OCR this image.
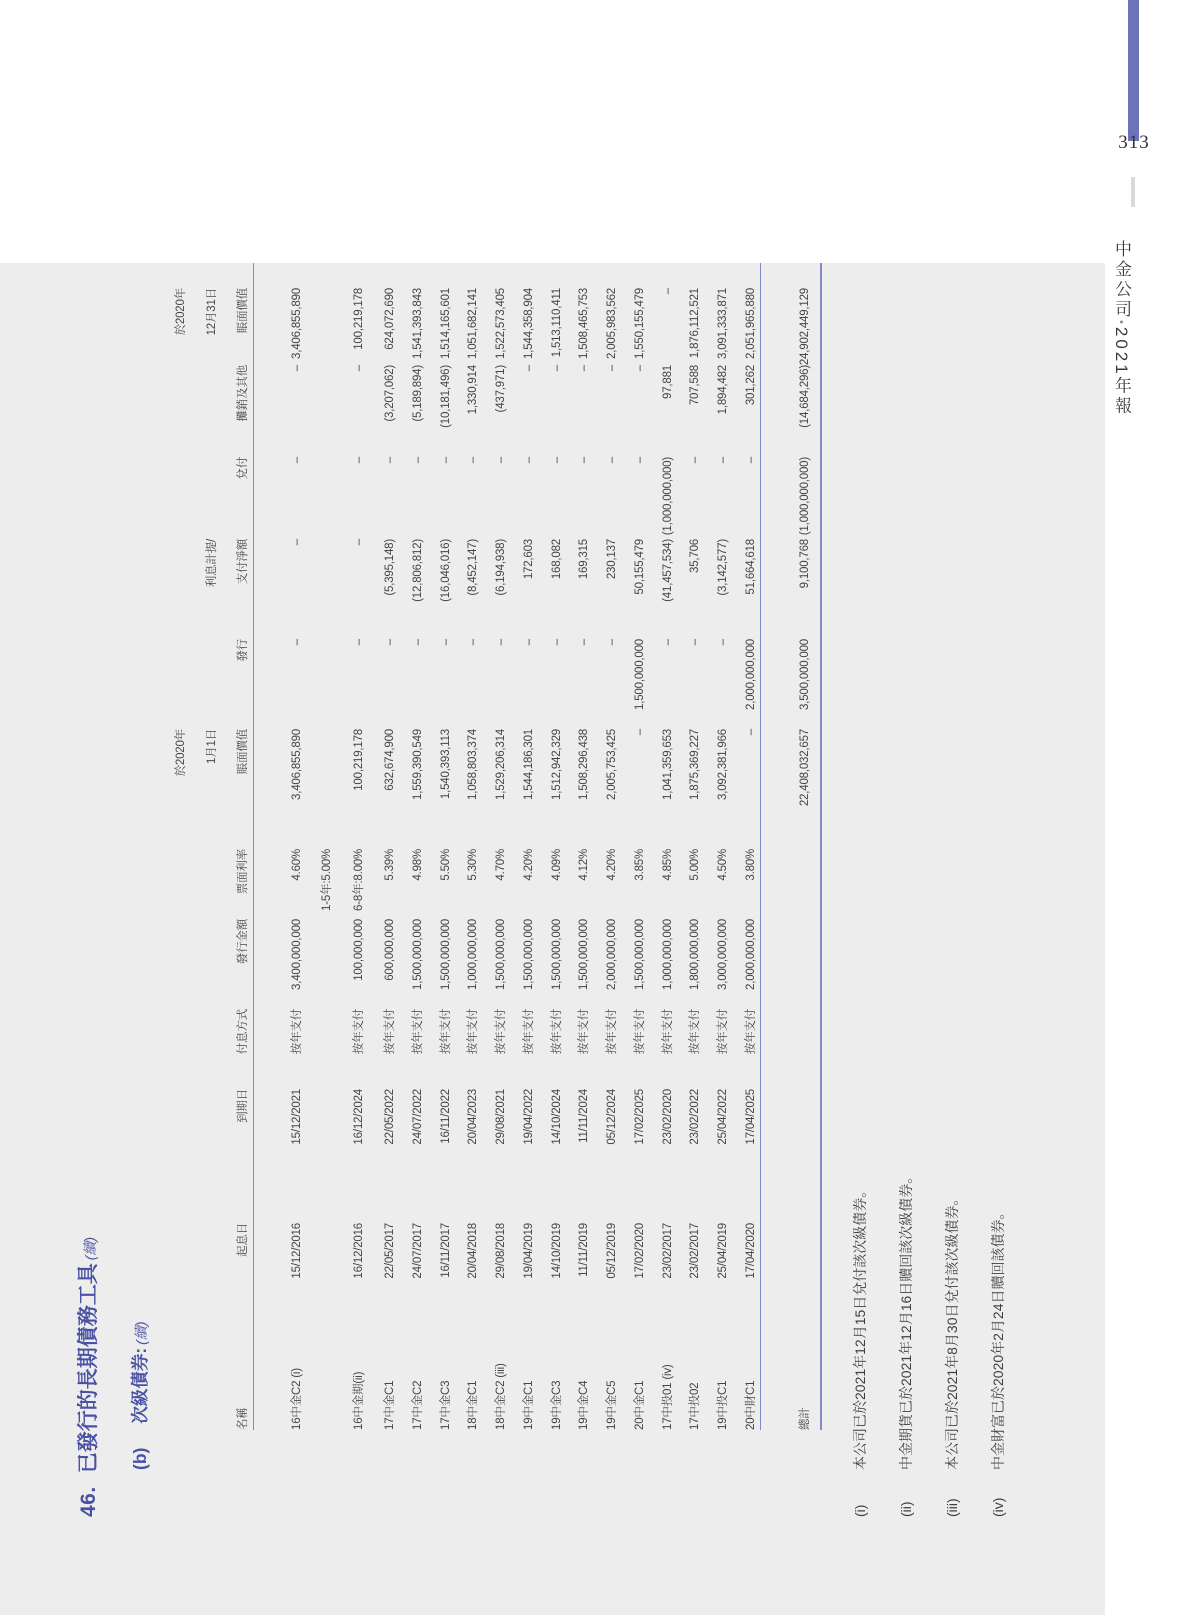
46.已發行的長期債務工具(續)
(b)次級債券:(續)
名稱
起息日
到期日
付息方式
發行金額
票面利率
於2020年 1月1日 賬面價值
發行
利息計提/ 支付淨額
兌付
攤銷及其他
於2020年 12月31日 賬面價值
16中金C2 (i)
15/12/2016
15/12/2021
按年支付
3,400,000,000
4.60%
3,406,855,890
–
–
–
–
3,406,855,890
16中金期(ii)
16/12/2016
16/12/2024
按年支付
100,000,000
6-8年:8.00%
100,219,178
–
–
–
–
100,219,178
1-5年:5.00%
17中金C1
22/05/2017
22/05/2022
按年支付
600,000,000
5.39%
632,674,900
–
(5,395,148)
–
(3,207,062)
624,072,690
17中金C2
24/07/2017
24/07/2022
按年支付
1,500,000,000
4.98%
1,559,390,549
–
(12,806,812)
–
(5,189,894)
1,541,393,843
17中金C3
16/11/2017
16/11/2022
按年支付
1,500,000,000
5.50%
1,540,393,113
–
(16,046,016)
–
(10,181,496)
1,514,165,601
18中金C1
20/04/2018
20/04/2023
按年支付
1,000,000,000
5.30%
1,058,803,374
–
(8,452,147)
–
1,330,914
1,051,682,141
18中金C2 (iii)
29/08/2018
29/08/2021
按年支付
1,500,000,000
4.70%
1,529,206,314
–
(6,194,938)
–
(437,971)
1,522,573,405
19中金C1
19/04/2019
19/04/2022
按年支付
1,500,000,000
4.20%
1,544,186,301
–
172,603
–
–
1,544,358,904
19中金C3
14/10/2019
14/10/2024
按年支付
1,500,000,000
4.09%
1,512,942,329
–
168,082
–
–
1,513,110,411
19中金C4
11/11/2019
11/11/2024
按年支付
1,500,000,000
4.12%
1,508,296,438
–
169,315
–
–
1,508,465,753
19中金C5
05/12/2019
05/12/2024
按年支付
2,000,000,000
4.20%
2,005,753,425
–
230,137
–
–
2,005,983,562
20中金C1
17/02/2020
17/02/2025
按年支付
1,500,000,000
3.85%
–
1,500,000,000
50,155,479
–
–
1,550,155,479
17中投01 (iv)
23/02/2017
23/02/2020
按年支付
1,000,000,000
4.85%
1,041,359,653
–
(41,457,534)
(1,000,000,000)
97,881
–
17中投02
23/02/2017
23/02/2022
按年支付
1,800,000,000
5.00%
1,875,369,227
–
35,706
–
707,588
1,876,112,521
19中投C1
25/04/2019
25/04/2022
按年支付
3,000,000,000
4.50%
3,092,381,966
–
(3,142,577)
–
1,894,482
3,091,333,871
20中財C1
17/04/2020
17/04/2025
按年支付
2,000,000,000
3.80%
–
2,000,000,000
51,664,618
–
301,262
2,051,965,880
總計
22,408,032,657
3,500,000,000
9,100,768
(1,000,000,000)
(14,684,296)
24,902,449,129
(i)本公司已於2021年12月15日兌付該次級債券。
(ii)中金期貨已於2021年12月16日贖回該次級債券。
(iii)本公司已於2021年8月30日兌付該次級債券。
(iv)中金財富已於2020年2月24日贖回該債券。
313
中金公司•2021年報
